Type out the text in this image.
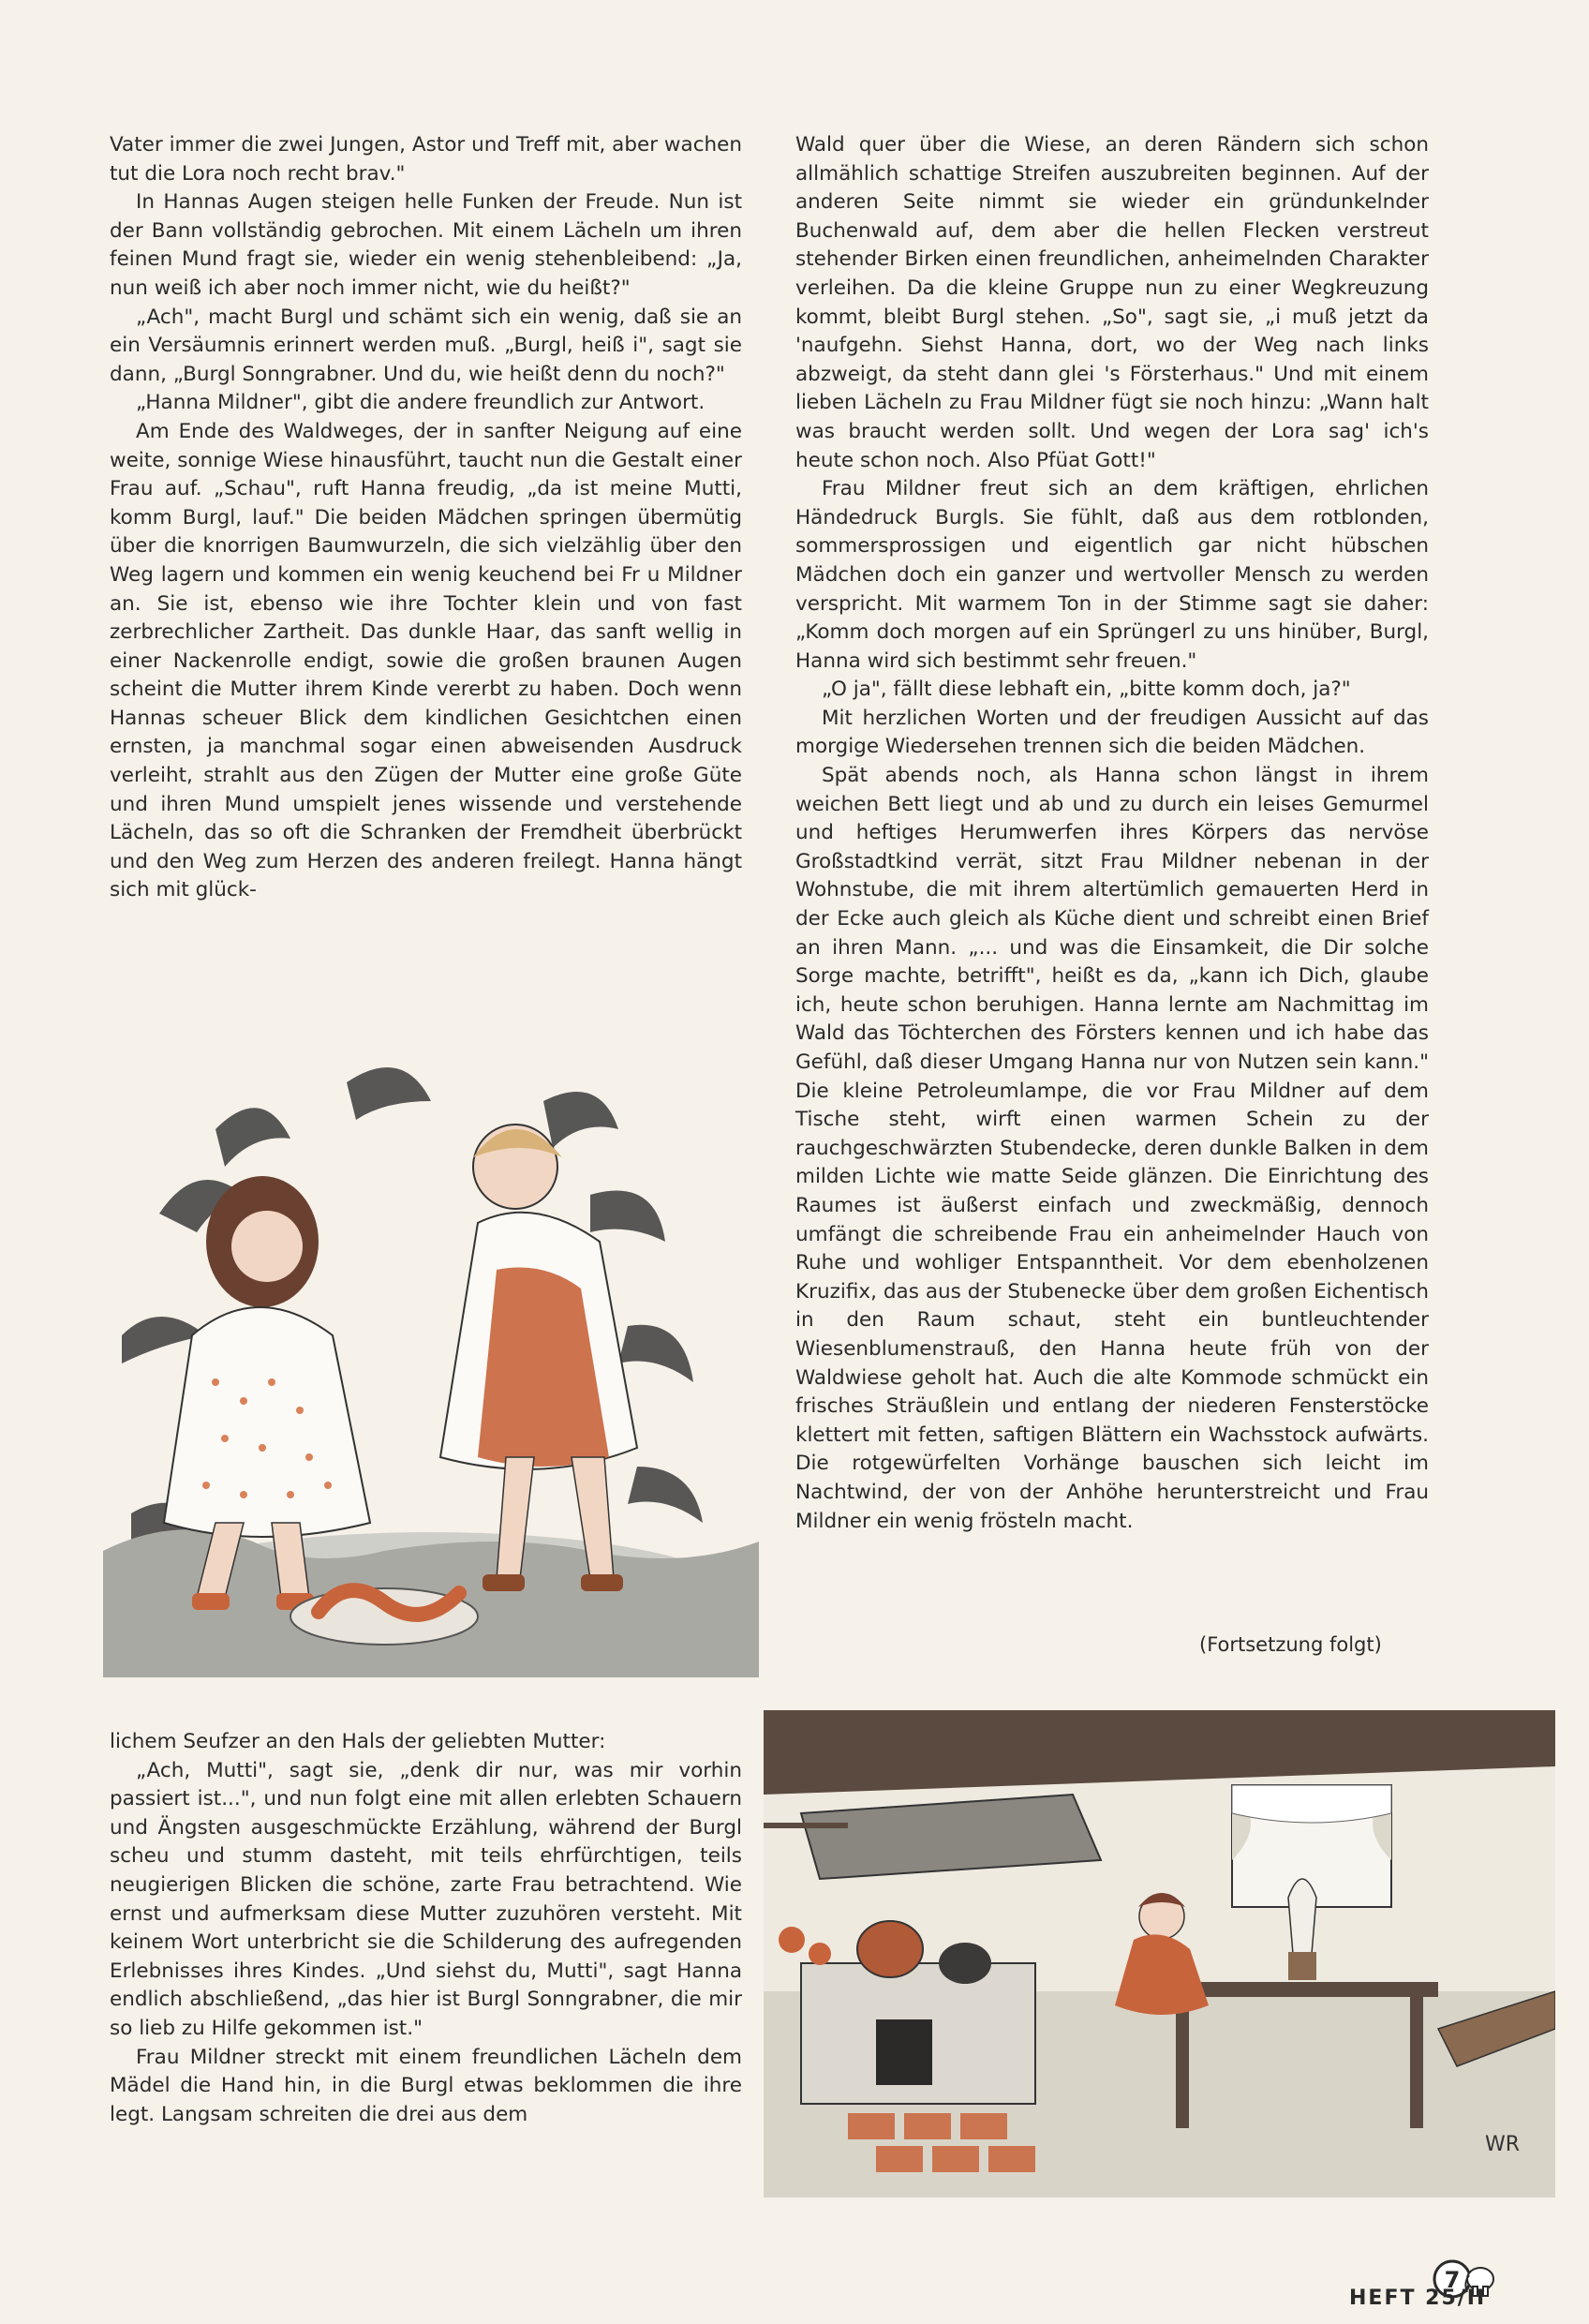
Vater immer die zwei Jungen, Astor und Treff mit, aber wachen tut die Lora noch recht brav."

In Hannas Augen steigen helle Funken der Freude. Nun ist der Bann vollständig gebrochen. Mit einem Lächeln um ihren feinen Mund fragt sie, wieder ein wenig stehenbleibend: „Ja, nun weiß ich aber noch immer nicht, wie du heißt?"

„Ach", macht Burgl und schämt sich ein wenig, daß sie an ein Versäumnis erinnert werden muß. „Burgl, heiß i", sagt sie dann, „Burgl Sonngrabner. Und du, wie heißt denn du noch?"

„Hanna Mildner", gibt die andere freundlich zur Antwort.

Am Ende des Waldweges, der in sanfter Neigung auf eine weite, sonnige Wiese hinausführt, taucht nun die Gestalt einer Frau auf. „Schau", ruft Hanna freudig, „da ist meine Mutti, komm Burgl, lauf." Die beiden Mädchen springen übermütig über die knorrigen Baumwurzeln, die sich vielzählig über den Weg lagern und kommen ein wenig keuchend bei Fr u Mildner an. Sie ist, ebenso wie ihre Tochter klein und von fast zerbrechlicher Zartheit. Das dunkle Haar, das sanft wellig in einer Nackenrolle endigt, sowie die großen braunen Augen scheint die Mutter ihrem Kinde vererbt zu haben. Doch wenn Hannas scheuer Blick dem kindlichen Gesichtchen einen ernsten, ja manchmal sogar einen abweisenden Ausdruck verleiht, strahlt aus den Zügen der Mutter eine große Güte und ihren Mund umspielt jenes wissende und verstehende Lächeln, das so oft die Schranken der Fremdheit überbrückt und den Weg zum Herzen des anderen freilegt. Hanna hängt sich mit glück-

lichem Seufzer an den Hals der geliebten Mutter:

„Ach, Mutti", sagt sie, „denk dir nur, was mir vorhin passiert ist...", und nun folgt eine mit allen erlebten Schauern und Ängsten ausgeschmückte Erzählung, während der Burgl scheu und stumm dasteht, mit teils ehrfürchtigen, teils neugierigen Blicken die schöne, zarte Frau betrachtend. Wie ernst und aufmerksam diese Mutter zuzuhören versteht. Mit keinem Wort unterbricht sie die Schilderung des aufregenden Erlebnisses ihres Kindes. „Und siehst du, Mutti", sagt Hanna endlich abschließend, „das hier ist Burgl Sonngrabner, die mir so lieb zu Hilfe gekommen ist."

Frau Mildner streckt mit einem freundlichen Lächeln dem Mädel die Hand hin, in die Burgl etwas beklommen die ihre legt. Langsam schreiten die drei aus dem

Wald quer über die Wiese, an deren Rändern sich schon allmählich schattige Streifen auszubreiten beginnen. Auf der anderen Seite nimmt sie wieder ein gründunkelnder Buchenwald auf, dem aber die hellen Flecken verstreut stehender Birken einen freundlichen, anheimelnden Charakter verleihen. Da die kleine Gruppe nun zu einer Wegkreuzung kommt, bleibt Burgl stehen. „So", sagt sie, „i muß jetzt da 'naufgehn. Siehst Hanna, dort, wo der Weg nach links abzweigt, da steht dann glei 's Försterhaus." Und mit einem lieben Lächeln zu Frau Mildner fügt sie noch hinzu: „Wann halt was braucht werden sollt. Und wegen der Lora sag' ich's heute schon noch. Also Pfüat Gott!"

Frau Mildner freut sich an dem kräftigen, ehrlichen Händedruck Burgls. Sie fühlt, daß aus dem rotblonden, sommersprossigen und eigentlich gar nicht hübschen Mädchen doch ein ganzer und wertvoller Mensch zu werden verspricht. Mit warmem Ton in der Stimme sagt sie daher: „Komm doch morgen auf ein Sprüngerl zu uns hinüber, Burgl, Hanna wird sich bestimmt sehr freuen."

„O ja", fällt diese lebhaft ein, „bitte komm doch, ja?"

Mit herzlichen Worten und der freudigen Aussicht auf das morgige Wiedersehen trennen sich die beiden Mädchen.

Spät abends noch, als Hanna schon längst in ihrem weichen Bett liegt und ab und zu durch ein leises Gemurmel und heftiges Herumwerfen ihres Körpers das nervöse Großstadtkind verrät, sitzt Frau Mildner nebenan in der Wohnstube, die mit ihrem altertümlich gemauerten Herd in der Ecke auch gleich als Küche dient und schreibt einen Brief an ihren Mann. „... und was die Einsamkeit, die Dir solche Sorge machte, betrifft", heißt es da, „kann ich Dich, glaube ich, heute schon beruhigen. Hanna lernte am Nachmittag im Wald das Töchterchen des Försters kennen und ich habe das Gefühl, daß dieser Umgang Hanna nur von Nutzen sein kann." Die kleine Petroleumlampe, die vor Frau Mildner auf dem Tische steht, wirft einen warmen Schein zu der rauchgeschwärzten Stubendecke, deren dunkle Balken in dem milden Lichte wie matte Seide glänzen. Die Einrichtung des Raumes ist äußerst einfach und zweckmäßig, dennoch umfängt die schreibende Frau ein anheimelnder Hauch von Ruhe und wohliger Entspanntheit. Vor dem ebenholzenen Kruzifix, das aus der Stubenecke über dem großen Eichentisch in den Raum schaut, steht ein buntleuchtender Wiesenblumenstrauß, den Hanna heute früh von der Waldwiese geholt hat. Auch die alte Kommode schmückt ein frisches Sträußlein und entlang der niederen Fensterstöcke klettert mit fetten, saftigen Blättern ein Wachsstock aufwärts. Die rotgewürfelten Vorhänge bauschen sich leicht im Nachtwind, der von der Anhöhe herunterstreicht und Frau Mildner ein wenig frösteln macht.

(Fortsetzung folgt)
WR
7
HEFT 25/II
